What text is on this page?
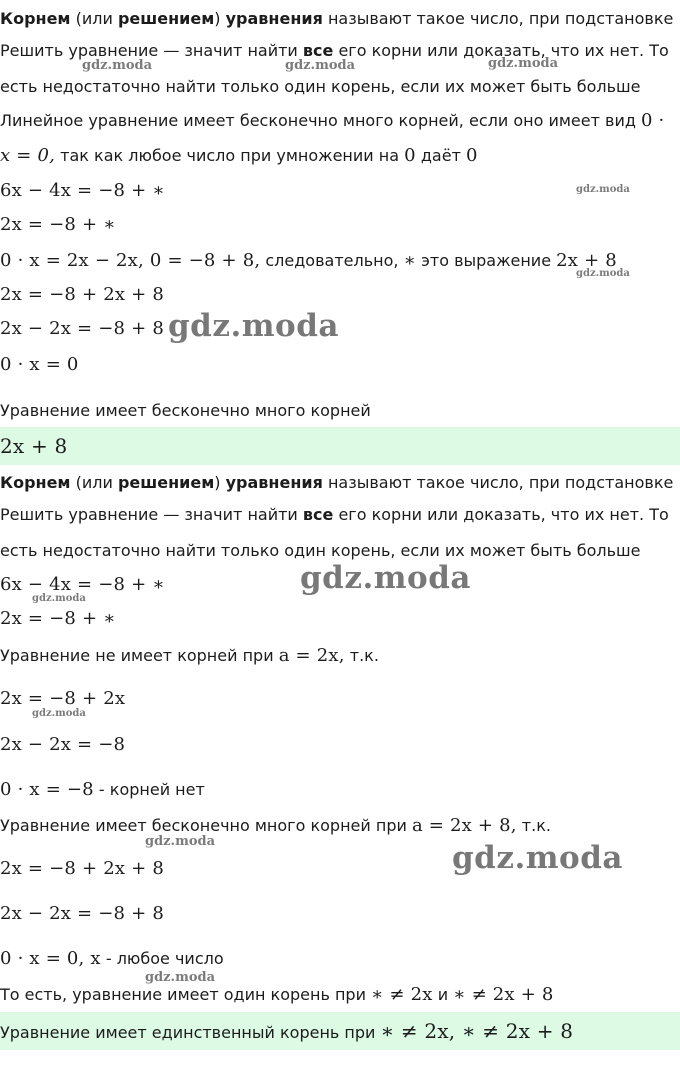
Корнем (или решением) уравнения называют такое число, при подстановке
Решить уравнение — значит найти все его корни или доказать, что их нет. То
есть недостаточно найти только один корень, если их может быть больше
Линейное уравнение имеет бесконечно много корней, если оно имеет вид 0 ·
x = 0, так как любое число при умножении на 0 даёт 0
6x − 4x = −8 + ∗
2x = −8 + ∗
0 · x = 2x − 2x, 0 = −8 + 8, следовательно, ∗ это выражение 2x + 8
2x = −8 + 2x + 8
2x − 2x = −8 + 8
0 · x = 0
Уравнение имеет бесконечно много корней
2x + 8
Корнем (или решением) уравнения называют такое число, при подстановке
Решить уравнение — значит найти все его корни или доказать, что их нет. То
есть недостаточно найти только один корень, если их может быть больше
6x − 4x = −8 + ∗
2x = −8 + ∗
Уравнение не имеет корней при a = 2x, т.к.
2x = −8 + 2x
2x − 2x = −8
0 · x = −8 - корней нет
Уравнение имеет бесконечно много корней при a = 2x + 8, т.к.
2x = −8 + 2x + 8
2x − 2x = −8 + 8
0 · x = 0, x - любое число
То есть, уравнение имеет один корень при ∗ ≠ 2x и ∗ ≠ 2x + 8
Уравнение имеет единственный корень при ∗ ≠ 2x, ∗ ≠ 2x + 8
gdz.moda	gdz.moda	gdz.moda
gdz.moda
gdz.moda
gdz.moda
gdz.moda
gdz.moda
gdz.moda
gdz.moda	gdz.moda
gdz.moda
